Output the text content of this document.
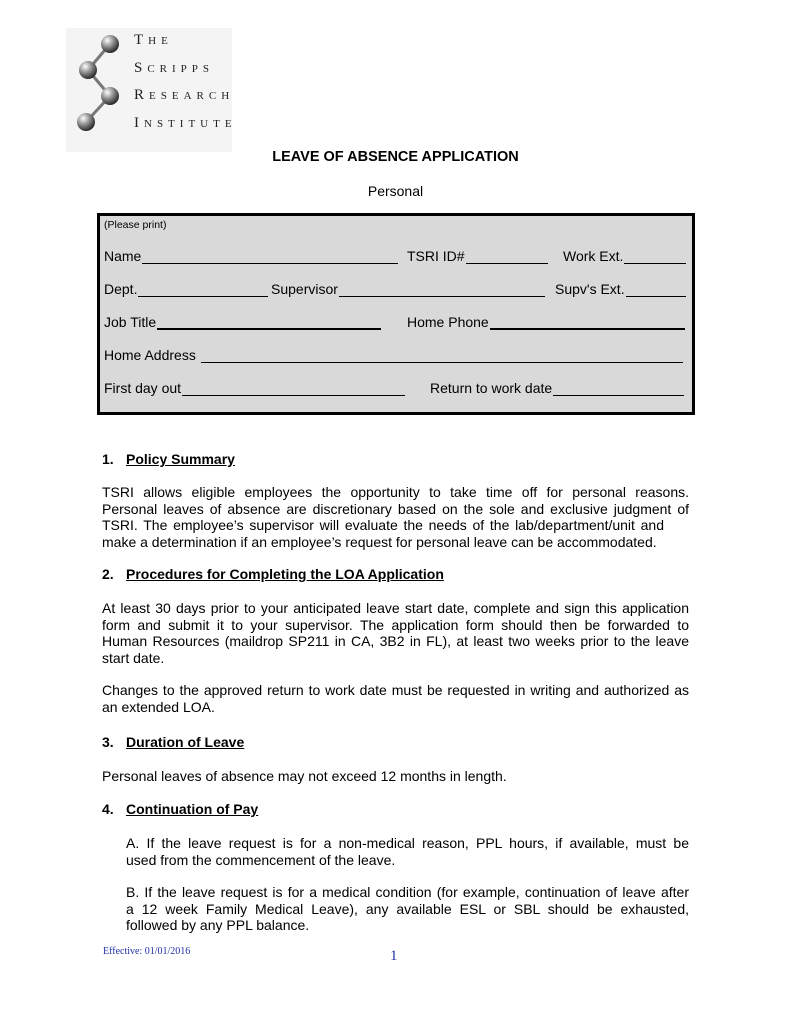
THE
SCRIPPS
RESEARCH
INSTITUTE
LEAVE OF ABSENCE APPLICATION
Personal
(Please print)
Name	TSRI ID#	Work Ext.
Dept.	Supervisor	Supv's Ext.
Job Title	Home Phone
Home Address
First day out	Return to work date
1. Policy Summary
TSRI allows eligible employees the opportunity to take time off for personal reasons.
Personal leaves of absence are discretionary based on the sole and exclusive judgment of
TSRI. The employee’s supervisor will evaluate the needs of the lab/department/unit and
make a determination if an employee’s request for personal leave can be accommodated.
2. Procedures for Completing the LOA Application
At least 30 days prior to your anticipated leave start date, complete and sign this application
form and submit it to your supervisor. The application form should then be forwarded to
Human Resources (maildrop SP211 in CA, 3B2 in FL), at least two weeks prior to the leave
start date.
Changes to the approved return to work date must be requested in writing and authorized as
an extended LOA.
3. Duration of Leave
Personal leaves of absence may not exceed 12 months in length.
4. Continuation of Pay
A. If the leave request is for a non-medical reason, PPL hours, if available, must be
used from the commencement of the leave.
B. If the leave request is for a medical condition (for example, continuation of leave after
a 12 week Family Medical Leave), any available ESL or SBL should be exhausted,
followed by any PPL balance.
Effective: 01/01/2016	1
